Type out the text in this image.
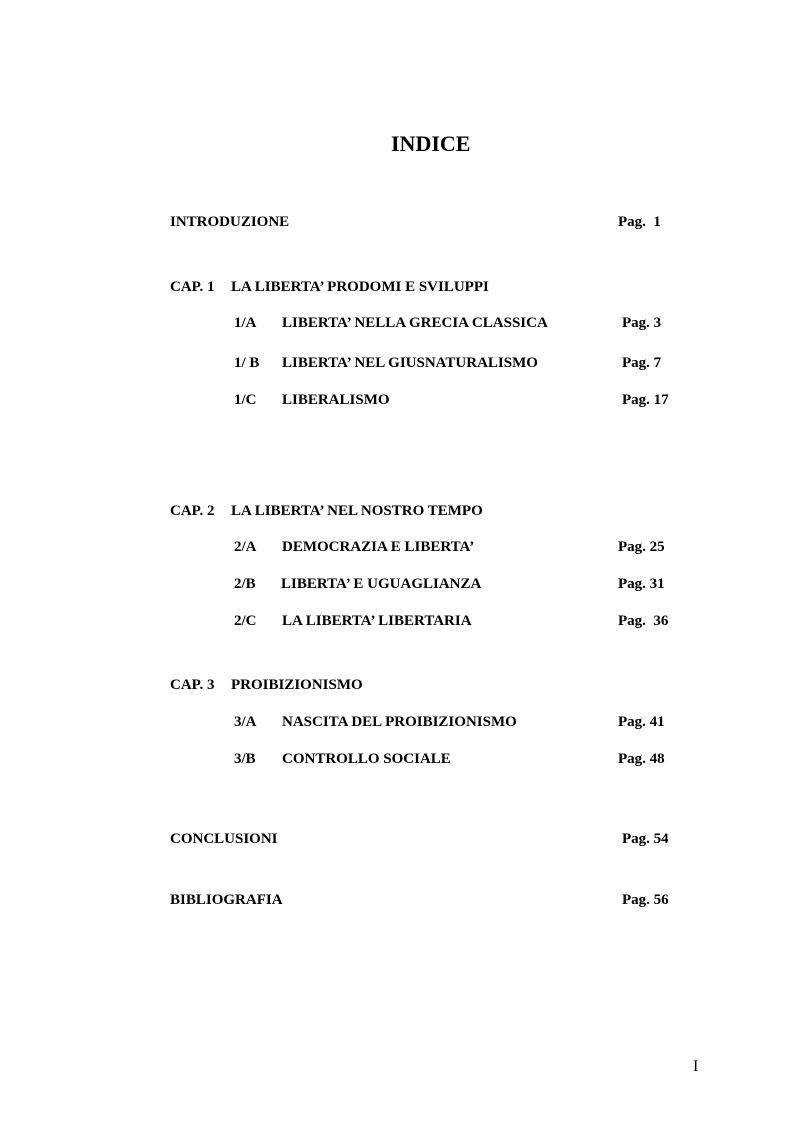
INDICE
INTRODUZIONE	Pag.  1
CAP. 1 LA LIBERTA’ PRODOMI E SVILUPPI
1/A LIBERTA’ NELLA GRECIA CLASSICA	Pag. 3
1/ B LIBERTA’ NEL GIUSNATURALISMO	Pag. 7
1/C LIBERALISMO	Pag. 17
CAP. 2 LA LIBERTA’ NEL NOSTRO TEMPO
2/A DEMOCRAZIA E LIBERTA’	Pag. 25
2/B LIBERTA’ E UGUAGLIANZA	Pag. 31
2/C LA LIBERTA’ LIBERTARIA	Pag.  36
CAP. 3 PROIBIZIONISMO
3/A NASCITA DEL PROIBIZIONISMO	Pag. 41
3/B CONTROLLO SOCIALE	Pag. 48
CONCLUSIONI	Pag. 54
BIBLIOGRAFIA	Pag. 56
I
